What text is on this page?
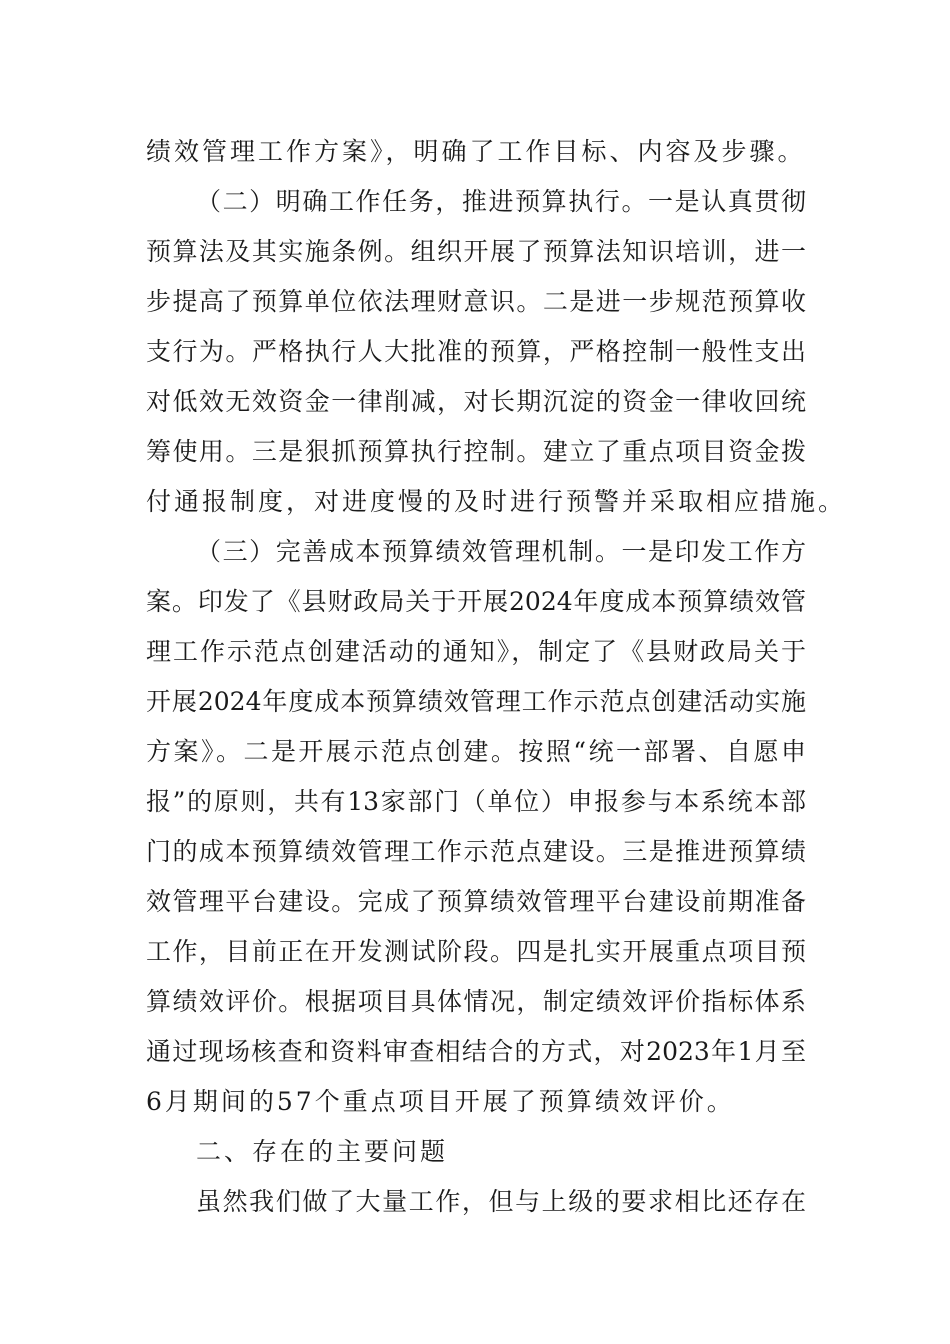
绩效管理工作方案》，明确了工作目标、内容及步骤。
（二）明确工作任务，推进预算执行。一是认真贯彻
预算法及其实施条例。组织开展了预算法知识培训，进一
步提高了预算单位依法理财意识。二是进一步规范预算收
支行为。严格执行人大批准的预算，严格控制一般性支出
对低效无效资金一律削减，对长期沉淀的资金一律收回统
筹使用。三是狠抓预算执行控制。建立了重点项目资金拨
付通报制度，对进度慢的及时进行预警并采取相应措施。
（三）完善成本预算绩效管理机制。一是印发工作方
案。印发了《县财政局关于开展2024年度成本预算绩效管
理工作示范点创建活动的通知》，制定了《县财政局关于
开展2024年度成本预算绩效管理工作示范点创建活动实施
方案》。二是开展示范点创建。按照“统一部署、自愿申
报”的原则，共有13家部门（单位）申报参与本系统本部
门的成本预算绩效管理工作示范点建设。三是推进预算绩
效管理平台建设。完成了预算绩效管理平台建设前期准备
工作，目前正在开发测试阶段。四是扎实开展重点项目预
算绩效评价。根据项目具体情况，制定绩效评价指标体系
通过现场核查和资料审查相结合的方式，对2023年1月至
6月期间的57个重点项目开展了预算绩效评价。
二、存在的主要问题
虽然我们做了大量工作，但与上级的要求相比还存在
